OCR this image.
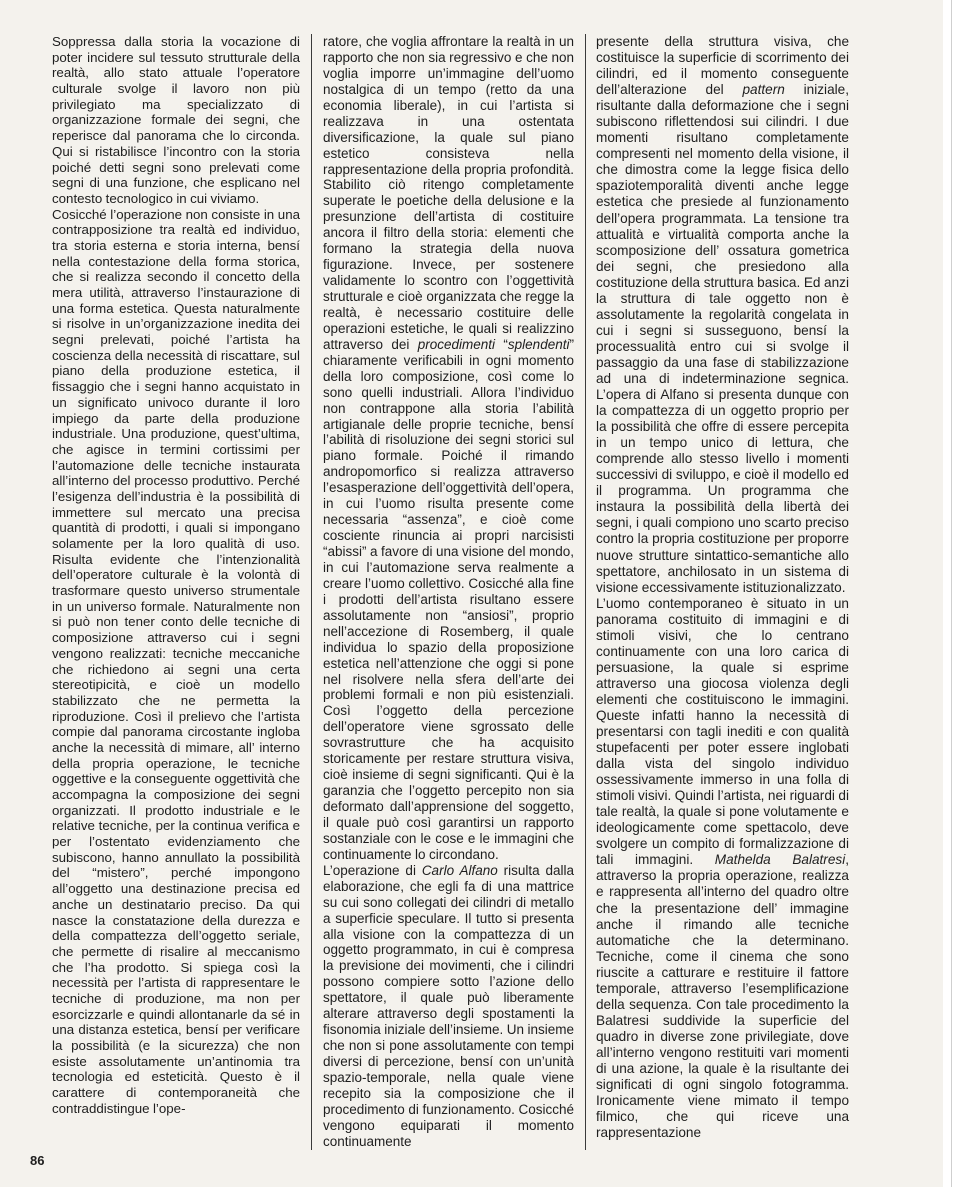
Soppressa dalla storia la vocazione di poter incidere sul tessuto strutturale della realtà, allo stato attuale l’operatore culturale svolge il lavoro non più privilegiato ma specializzato di organizzazione formale dei segni, che reperisce dal panorama che lo circonda. Qui si ristabilisce l’incontro con la storia poiché detti segni sono prelevati come segni di una funzione, che esplicano nel contesto tecnologico in cui viviamo.

Cosicché l’operazione non consiste in una contrapposizione tra realtà ed individuo, tra storia esterna e storia interna, bensí nella contestazione della forma storica, che si realizza secondo il concetto della mera utilità, attraverso l’instaurazione di una forma estetica. Questa naturalmente si risolve in un’organizzazione inedita dei segni prelevati, poiché l’artista ha coscienza della necessità di riscattare, sul piano della produzione estetica, il fissaggio che i segni hanno acquistato in un significato univoco durante il loro impiego da parte della produzione industriale. Una produzione, quest’ultima, che agisce in termini cortissimi per l’automazione delle tecniche instaurata all’interno del processo produttivo. Perché l’esigenza dell’industria è la possibilità di immettere sul mercato una precisa quantità di prodotti, i quali si impongano solamente per la loro qualità di uso. Risulta evidente che l’intenzionalità dell’operatore culturale è la volontà di trasformare questo universo strumentale in un universo formale. Naturalmente non si può non tener conto delle tecniche di composizione attraverso cui i segni vengono realizzati: tecniche meccaniche che richiedono ai segni una certa stereotipicità, e cioè un modello stabilizzato che ne permetta la riproduzione. Così il prelievo che l’artista compie dal panorama circostante ingloba anche la necessità di mimare, all’ interno della propria operazione, le tecniche oggettive e la conseguente oggettività che accompagna la composizione dei segni organizzati. Il prodotto industriale e le relative tecniche, per la continua verifica e per l’ostentato evidenziamento che subiscono, hanno annullato la possibilità del “mistero”, perché impongono all’oggetto una destinazione precisa ed anche un destinatario preciso. Da qui nasce la constatazione della durezza e della compattezza dell’oggetto seriale, che permette di risalire al meccanismo che l’ha prodotto. Si spiega così la necessità per l’artista di rappresentare le tecniche di produzione, ma non per esorcizzarle e quindi allontanarle da sé in una distanza estetica, bensí per verificare la possibilità (e la sicurezza) che non esiste assolutamente un’antinomia tra tecnologia ed esteticità. Questo è il carattere di contemporaneità che contraddistingue l’ope-

ratore, che voglia affrontare la realtà in un rapporto che non sia regressivo e che non voglia imporre un’immagine dell’uomo nostalgica di un tempo (retto da una economia liberale), in cui l’artista si realizzava in una ostentata diversificazione, la quale sul piano estetico consisteva nella rappresentazione della propria profondità. Stabilito ciò ritengo completamente superate le poetiche della delusione e la presunzione dell’artista di costituire ancora il filtro della storia: elementi che formano la strategia della nuova figurazione. Invece, per sostenere validamente lo scontro con l’oggettività strutturale e cioè organizzata che regge la realtà, è necessario costituire delle operazioni estetiche, le quali si realizzino attraverso dei procedimenti “splendenti” chiaramente verificabili in ogni momento della loro composizione, così come lo sono quelli industriali. Allora l’individuo non contrappone alla storia l’abilità artigianale delle proprie tecniche, bensí l’abilità di risoluzione dei segni storici sul piano formale. Poiché il rimando andropomorfico si realizza attraverso l’esasperazione dell’oggettività dell’opera, in cui l’uomo risulta presente come necessaria “assenza”, e cioè come cosciente rinuncia ai propri narcisisti “abissi” a favore di una visione del mondo, in cui l’automazione serva realmente a creare l’uomo collettivo. Cosicché alla fine i prodotti dell’artista risultano essere assolutamente non “ansiosi”, proprio nell’accezione di Rosemberg, il quale individua lo spazio della proposizione estetica nell’attenzione che oggi si pone nel risolvere nella sfera dell’arte dei problemi formali e non più esistenziali. Così l’oggetto della percezione dell’operatore viene sgrossato delle sovrastrutture che ha acquisito storicamente per restare struttura visiva, cioè insieme di segni significanti. Qui è la garanzia che l’oggetto percepito non sia deformato dall’apprensione del soggetto, il quale può così garantirsi un rapporto sostanziale con le cose e le immagini che continuamente lo circondano.

L’operazione di Carlo Alfano risulta dalla elaborazione, che egli fa di una mattrice su cui sono collegati dei cilindri di metallo a superficie speculare. Il tutto si presenta alla visione con la compattezza di un oggetto programmato, in cui è compresa la previsione dei movimenti, che i cilindri possono compiere sotto l’azione dello spettatore, il quale può liberamente alterare attraverso degli spostamenti la fisonomia iniziale dell’insieme. Un insieme che non si pone assolutamente con tempi diversi di percezione, bensí con un’unità spazio-temporale, nella quale viene recepito sia la composizione che il procedimento di funzionamento. Cosicché vengono equiparati il momento continuamente

presente della struttura visiva, che costituisce la superficie di scorrimento dei cilindri, ed il momento conseguente dell’alterazione del pattern iniziale, risultante dalla deformazione che i segni subiscono riflettendosi sui cilindri. I due momenti risultano completamente compresenti nel momento della visione, il che dimostra come la legge fisica dello spaziotemporalità diventi anche legge estetica che presiede al funzionamento dell’opera programmata. La tensione tra attualità e virtualità comporta anche la scomposizione dell’ ossatura gometrica dei segni, che presiedono alla costituzione della struttura basica. Ed anzi la struttura di tale oggetto non è assolutamente la regolarità congelata in cui i segni si susseguono, bensí la processualità entro cui si svolge il passaggio da una fase di stabilizzazione ad una di indeterminazione segnica. L’opera di Alfano si presenta dunque con la compattezza di un oggetto proprio per la possibilità che offre di essere percepita in un tempo unico di lettura, che comprende allo stesso livello i momenti successivi di sviluppo, e cioè il modello ed il programma. Un programma che instaura la possibilità della libertà dei segni, i quali compiono uno scarto preciso contro la propria costituzione per proporre nuove strutture sintattico-semantiche allo spettatore, anchilosato in un sistema di visione eccessivamente istituzionalizzato.

L’uomo contemporaneo è situato in un panorama costituito di immagini e di stimoli visivi, che lo centrano continuamente con una loro carica di persuasione, la quale si esprime attraverso una giocosa violenza degli elementi che costituiscono le immagini. Queste infatti hanno la necessità di presentarsi con tagli inediti e con qualità stupefacenti per poter essere inglobati dalla vista del singolo individuo ossessivamente immerso in una folla di stimoli visivi. Quindi l’artista, nei riguardi di tale realtà, la quale si pone volutamente e ideologicamente come spettacolo, deve svolgere un compito di formalizzazione di tali immagini. Mathelda Balatresi, attraverso la propria operazione, realizza e rappresenta all’interno del quadro oltre che la presentazione dell’ immagine anche il rimando alle tecniche automatiche che la determinano. Tecniche, come il cinema che sono riuscite a catturare e restituire il fattore temporale, attraverso l’esemplificazione della sequenza. Con tale procedimento la Balatresi suddivide la superficie del quadro in diverse zone privilegiate, dove all’interno vengono restituiti vari momenti di una azione, la quale è la risultante dei significati di ogni singolo fotogramma. Ironicamente viene mimato il tempo filmico, che qui riceve una rappresentazione

86
